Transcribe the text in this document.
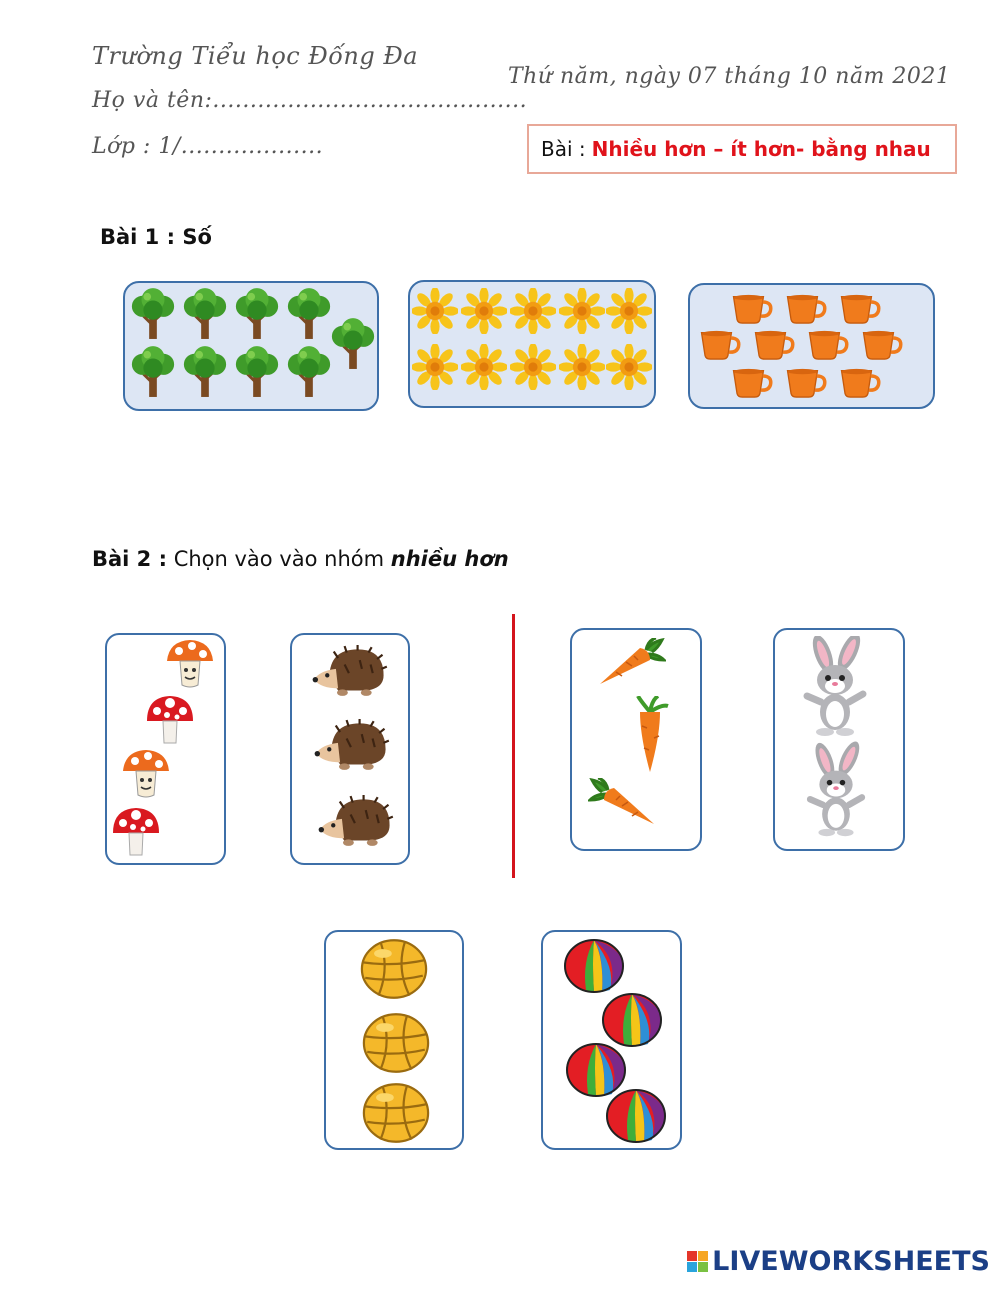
Trường Tiểu học Đống Đa
Họ và tên:..........................................
Lớp : 1/...................
Thứ năm, ngày 07 tháng 10 năm 2021
Bài : Nhiều hơn – ít hơn- bằng nhau
Bài 1 : Số
Bài 2 : Chọn vào vào nhóm nhiều hơn
LIVEWORKSHEETS
